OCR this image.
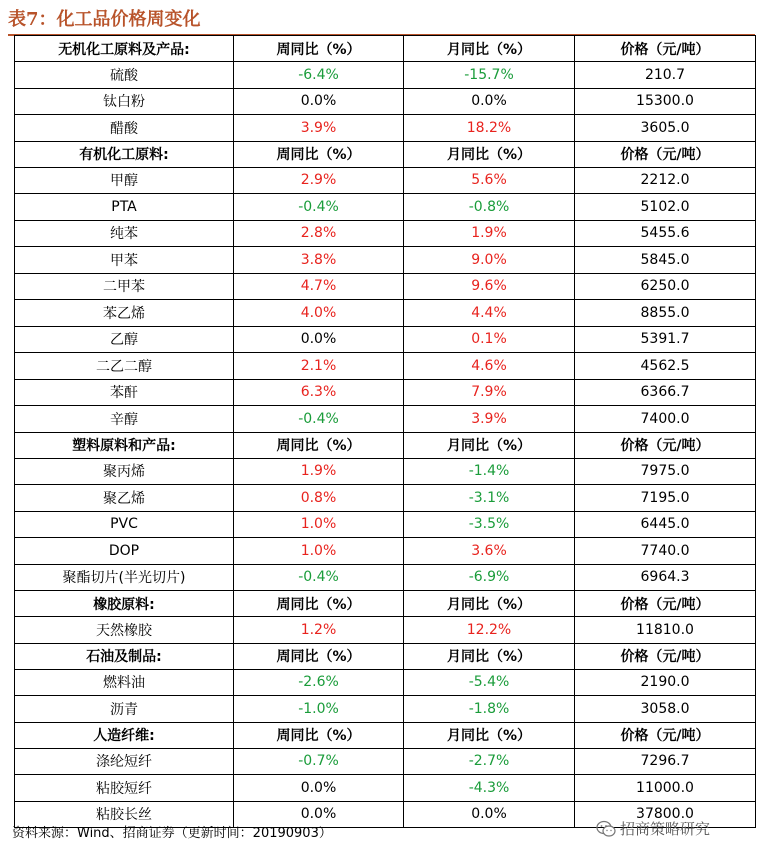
表7：化工品价格周变化
无机化工原料及产品:	周同比（%）	月同比（%）	价格（元/吨）
硫酸	-6.4%	-15.7%	210.7
钛白粉	0.0%	0.0%	15300.0
醋酸	3.9%	18.2%	3605.0
有机化工原料:	周同比（%）	月同比（%）	价格（元/吨）
甲醇	2.9%	5.6%	2212.0
PTA	-0.4%	-0.8%	5102.0
纯苯	2.8%	1.9%	5455.6
甲苯	3.8%	9.0%	5845.0
二甲苯	4.7%	9.6%	6250.0
苯乙烯	4.0%	4.4%	8855.0
乙醇	0.0%	0.1%	5391.7
二乙二醇	2.1%	4.6%	4562.5
苯酐	6.3%	7.9%	6366.7
辛醇	-0.4%	3.9%	7400.0
塑料原料和产品:	周同比（%）	月同比（%）	价格（元/吨）
聚丙烯	1.9%	-1.4%	7975.0
聚乙烯	0.8%	-3.1%	7195.0
PVC	1.0%	-3.5%	6445.0
DOP	1.0%	3.6%	7740.0
聚酯切片(半光切片)	-0.4%	-6.9%	6964.3
橡胶原料:	周同比（%）	月同比（%）	价格（元/吨）
天然橡胶	1.2%	12.2%	11810.0
石油及制品:	周同比（%）	月同比（%）	价格（元/吨）
燃料油	-2.6%	-5.4%	2190.0
沥青	-1.0%	-1.8%	3058.0
人造纤维:	周同比（%）	月同比（%）	价格（元/吨）
涤纶短纤	-0.7%	-2.7%	7296.7
粘胶短纤	0.0%	-4.3%	11000.0
粘胶长丝	0.0%	0.0%	37800.0
资料来源：Wind、招商证券（更新时间：20190903）	招商策略研究
